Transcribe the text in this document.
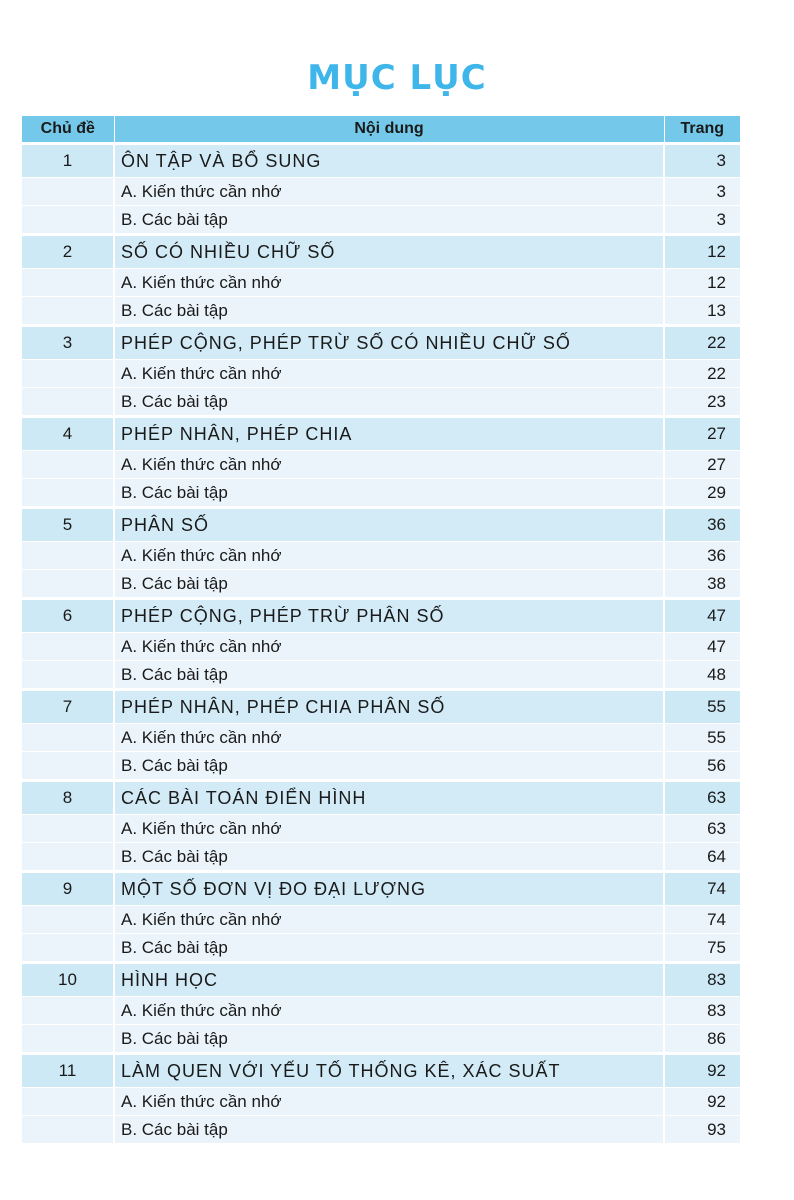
MỤC LỤC
Chủ đề	Nội dung	Trang
1	ÔN TẬP VÀ BỔ SUNG	3
	A. Kiến thức cần nhớ	3
	B. Các bài tập	3
2	SỐ CÓ NHIỀU CHỮ SỐ	12
	A. Kiến thức cần nhớ	12
	B. Các bài tập	13
3	PHÉP CỘNG, PHÉP TRỪ SỐ CÓ NHIỀU CHỮ SỐ	22
	A. Kiến thức cần nhớ	22
	B. Các bài tập	23
4	PHÉP NHÂN, PHÉP CHIA	27
	A. Kiến thức cần nhớ	27
	B. Các bài tập	29
5	PHÂN SỐ	36
	A. Kiến thức cần nhớ	36
	B. Các bài tập	38
6	PHÉP CỘNG, PHÉP TRỪ PHÂN SỐ	47
	A. Kiến thức cần nhớ	47
	B. Các bài tập	48
7	PHÉP NHÂN, PHÉP CHIA PHÂN SỐ	55
	A. Kiến thức cần nhớ	55
	B. Các bài tập	56
8	CÁC BÀI TOÁN ĐIỂN HÌNH	63
	A. Kiến thức cần nhớ	63
	B. Các bài tập	64
9	MỘT SỐ ĐƠN VỊ ĐO ĐẠI LƯỢNG	74
	A. Kiến thức cần nhớ	74
	B. Các bài tập	75
10	HÌNH HỌC	83
	A. Kiến thức cần nhớ	83
	B. Các bài tập	86
11	LÀM QUEN VỚI YẾU TỐ THỐNG KÊ, XÁC SUẤT	92
	A. Kiến thức cần nhớ	92
	B. Các bài tập	93
